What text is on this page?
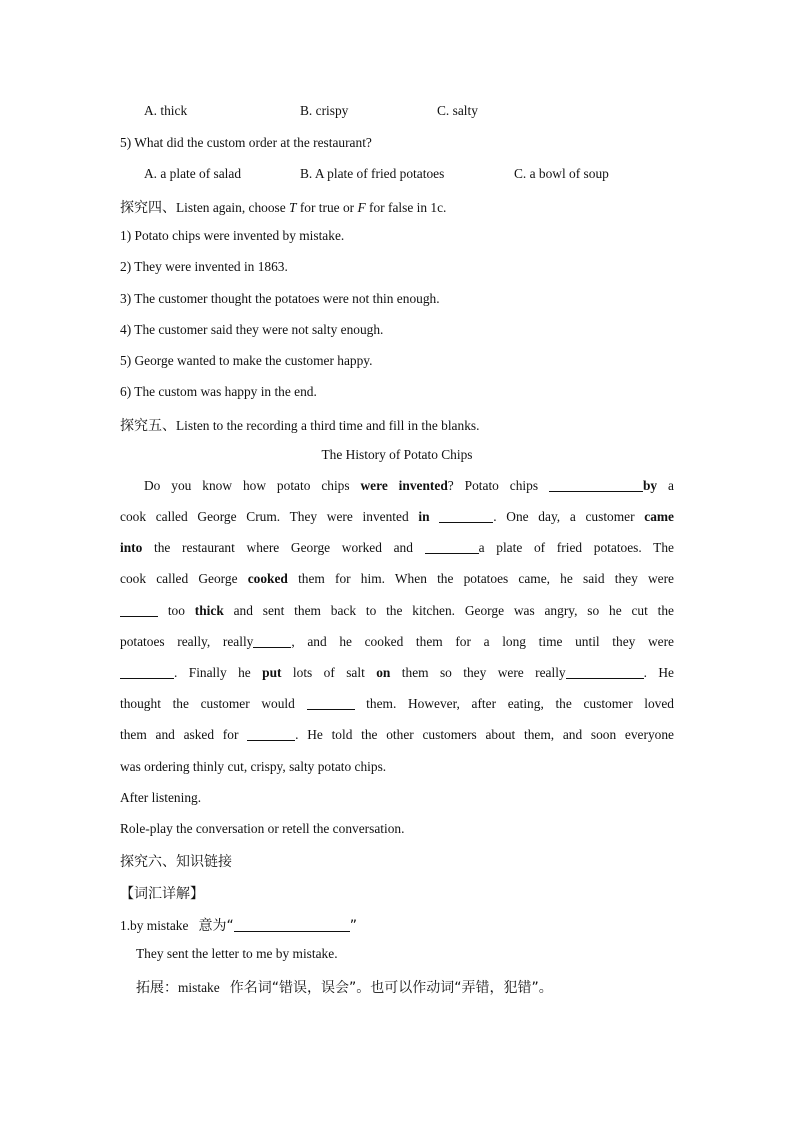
A. thick	B. crispy	C. salty
5) What did the custom order at the restaurant?
A. a plate of salad	B. A plate of fried potatoes	C. a bowl of soup
探究四、Listen again, choose T for true or F for false in 1c.
1) Potato chips were invented by mistake.
2) They were invented in 1863.
3) The customer thought the potatoes were not thin enough.
4) The customer said they were not salty enough.
5) George wanted to make the customer happy.
6) The custom was happy in the end.
探究五、Listen to the recording a third time and fill in the blanks.
The History of Potato Chips
Do you know how potato chips were invented? Potato chips	by a
cook called George Crum. They were invented in	. One day, a customer came
into the restaurant where George worked and	a plate of fried potatoes. The
cook called George cooked them for him. When the potatoes came, he said they were
too thick and sent them back to the kitchen. George was angry, so he cut the
potatoes really, really	, and he cooked them for a long time until they were
. Finally he put lots of salt on them so they were really	. He
thought the customer would	them. However, after eating, the customer loved
them and asked for	. He told the other customers about them, and soon everyone
was ordering thinly cut, crispy, salty potato chips.
After listening.
Role-play the conversation or retell the conversation.
探究六、知识链接
【词汇详解】
1.by mistake 意为“	”
They sent the letter to me by mistake.
拓展：mistake 作名词“错误，误会”。也可以作动词“弄错，犯错”。
